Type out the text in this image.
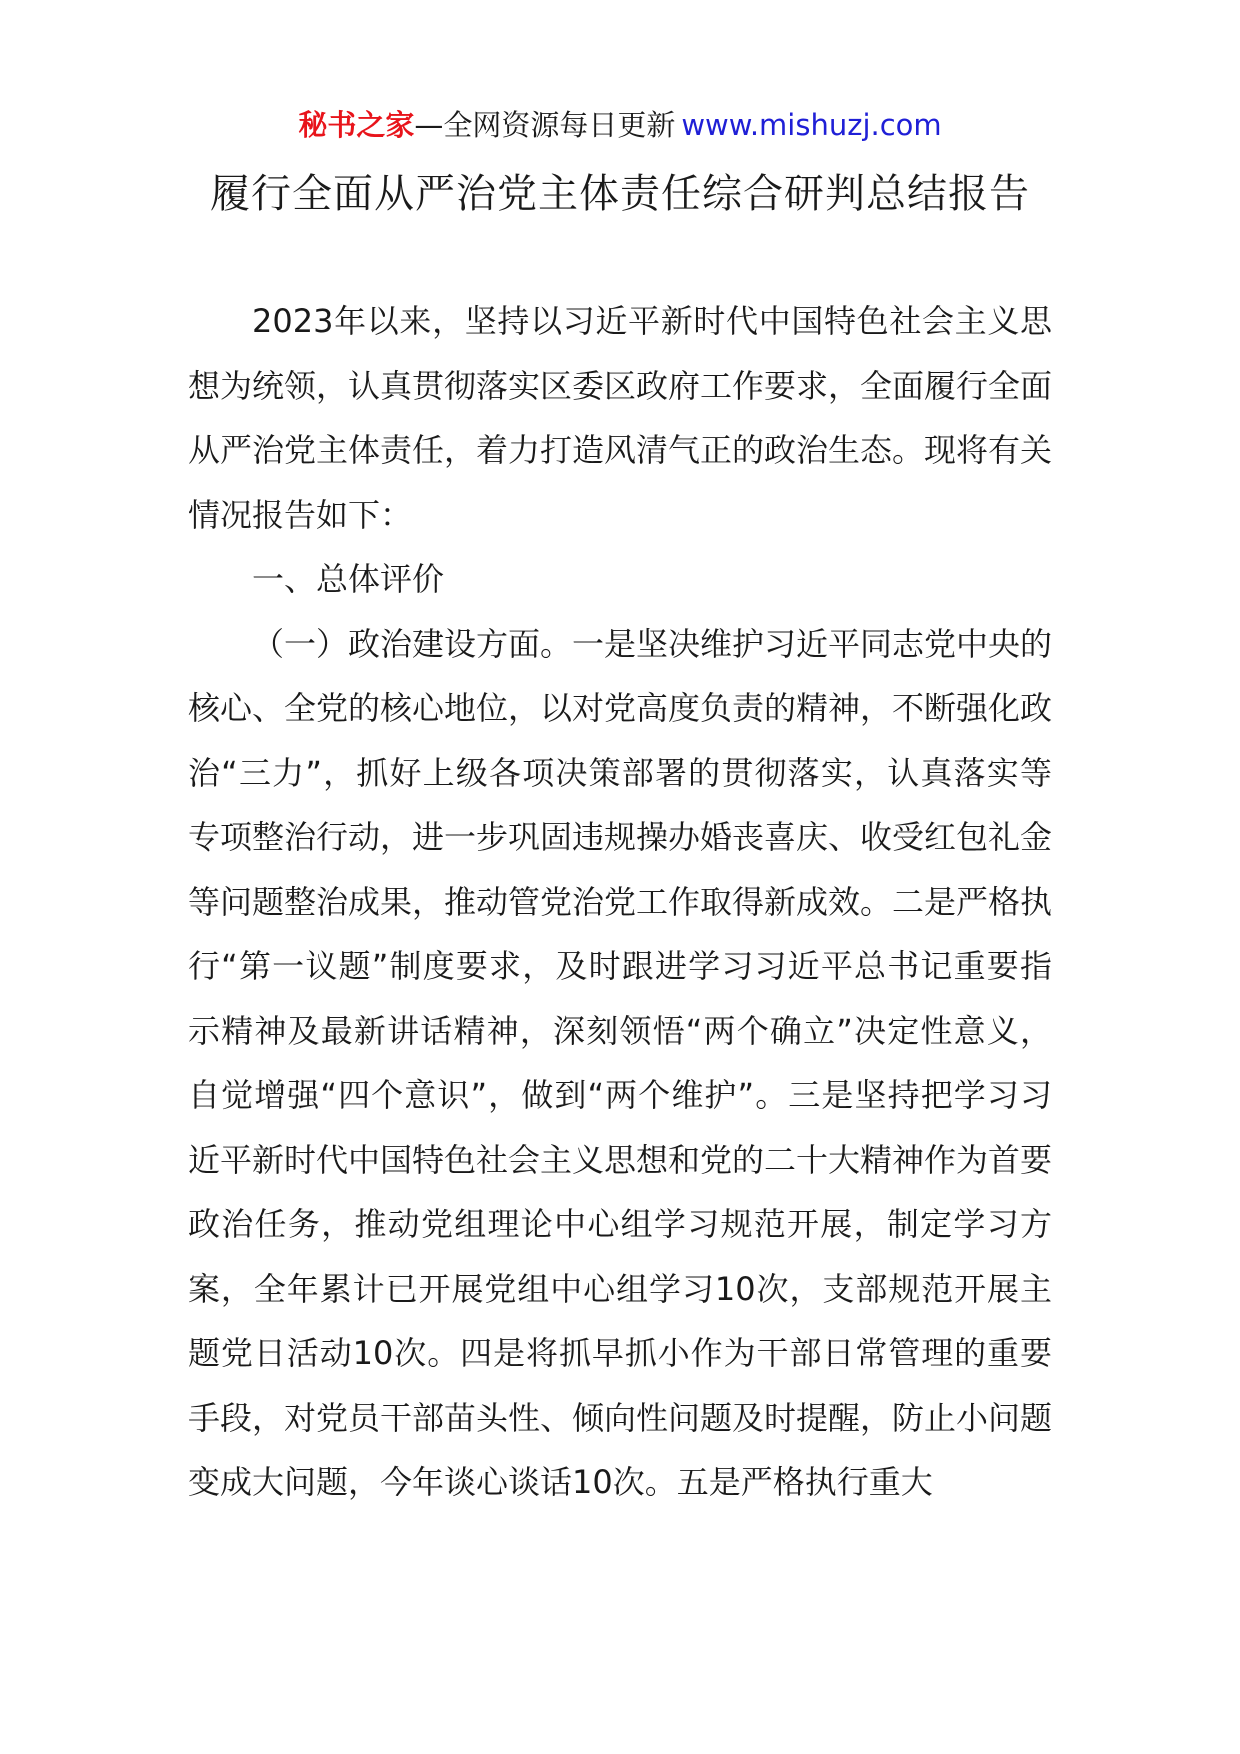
秘书之家—全网资源每日更新 www.mishuzj.com
履行全面从严治党主体责任综合研判总结报告

2023年以来，坚持以习近平新时代中国特色社会主义思想为统领，认真贯彻落实区委区政府工作要求，全面履行全面从严治党主体责任，着力打造风清气正的政治生态。现将有关情况报告如下：

一、总体评价

（一）政治建设方面。一是坚决维护习近平同志党中央的核心、全党的核心地位，以对党高度负责的精神，不断强化政治“三力”，抓好上级各项决策部署的贯彻落实，认真落实等专项整治行动，进一步巩固违规操办婚丧喜庆、收受红包礼金等问题整治成果，推动管党治党工作取得新成效。二是严格执行“第一议题”制度要求，及时跟进学习习近平总书记重要指示精神及最新讲话精神，深刻领悟“两个确立”决定性意义，自觉增强“四个意识”，做到“两个维护”。三是坚持把学习习近平新时代中国特色社会主义思想和党的二十大精神作为首要政治任务，推动党组理论中心组学习规范开展，制定学习方案，全年累计已开展党组中心组学习10次，支部规范开展主题党日活动10次。四是将抓早抓小作为干部日常管理的重要手段，对党员干部苗头性、倾向性问题及时提醒，防止小问题变成大问题，今年谈心谈话10次。五是严格执行重大
